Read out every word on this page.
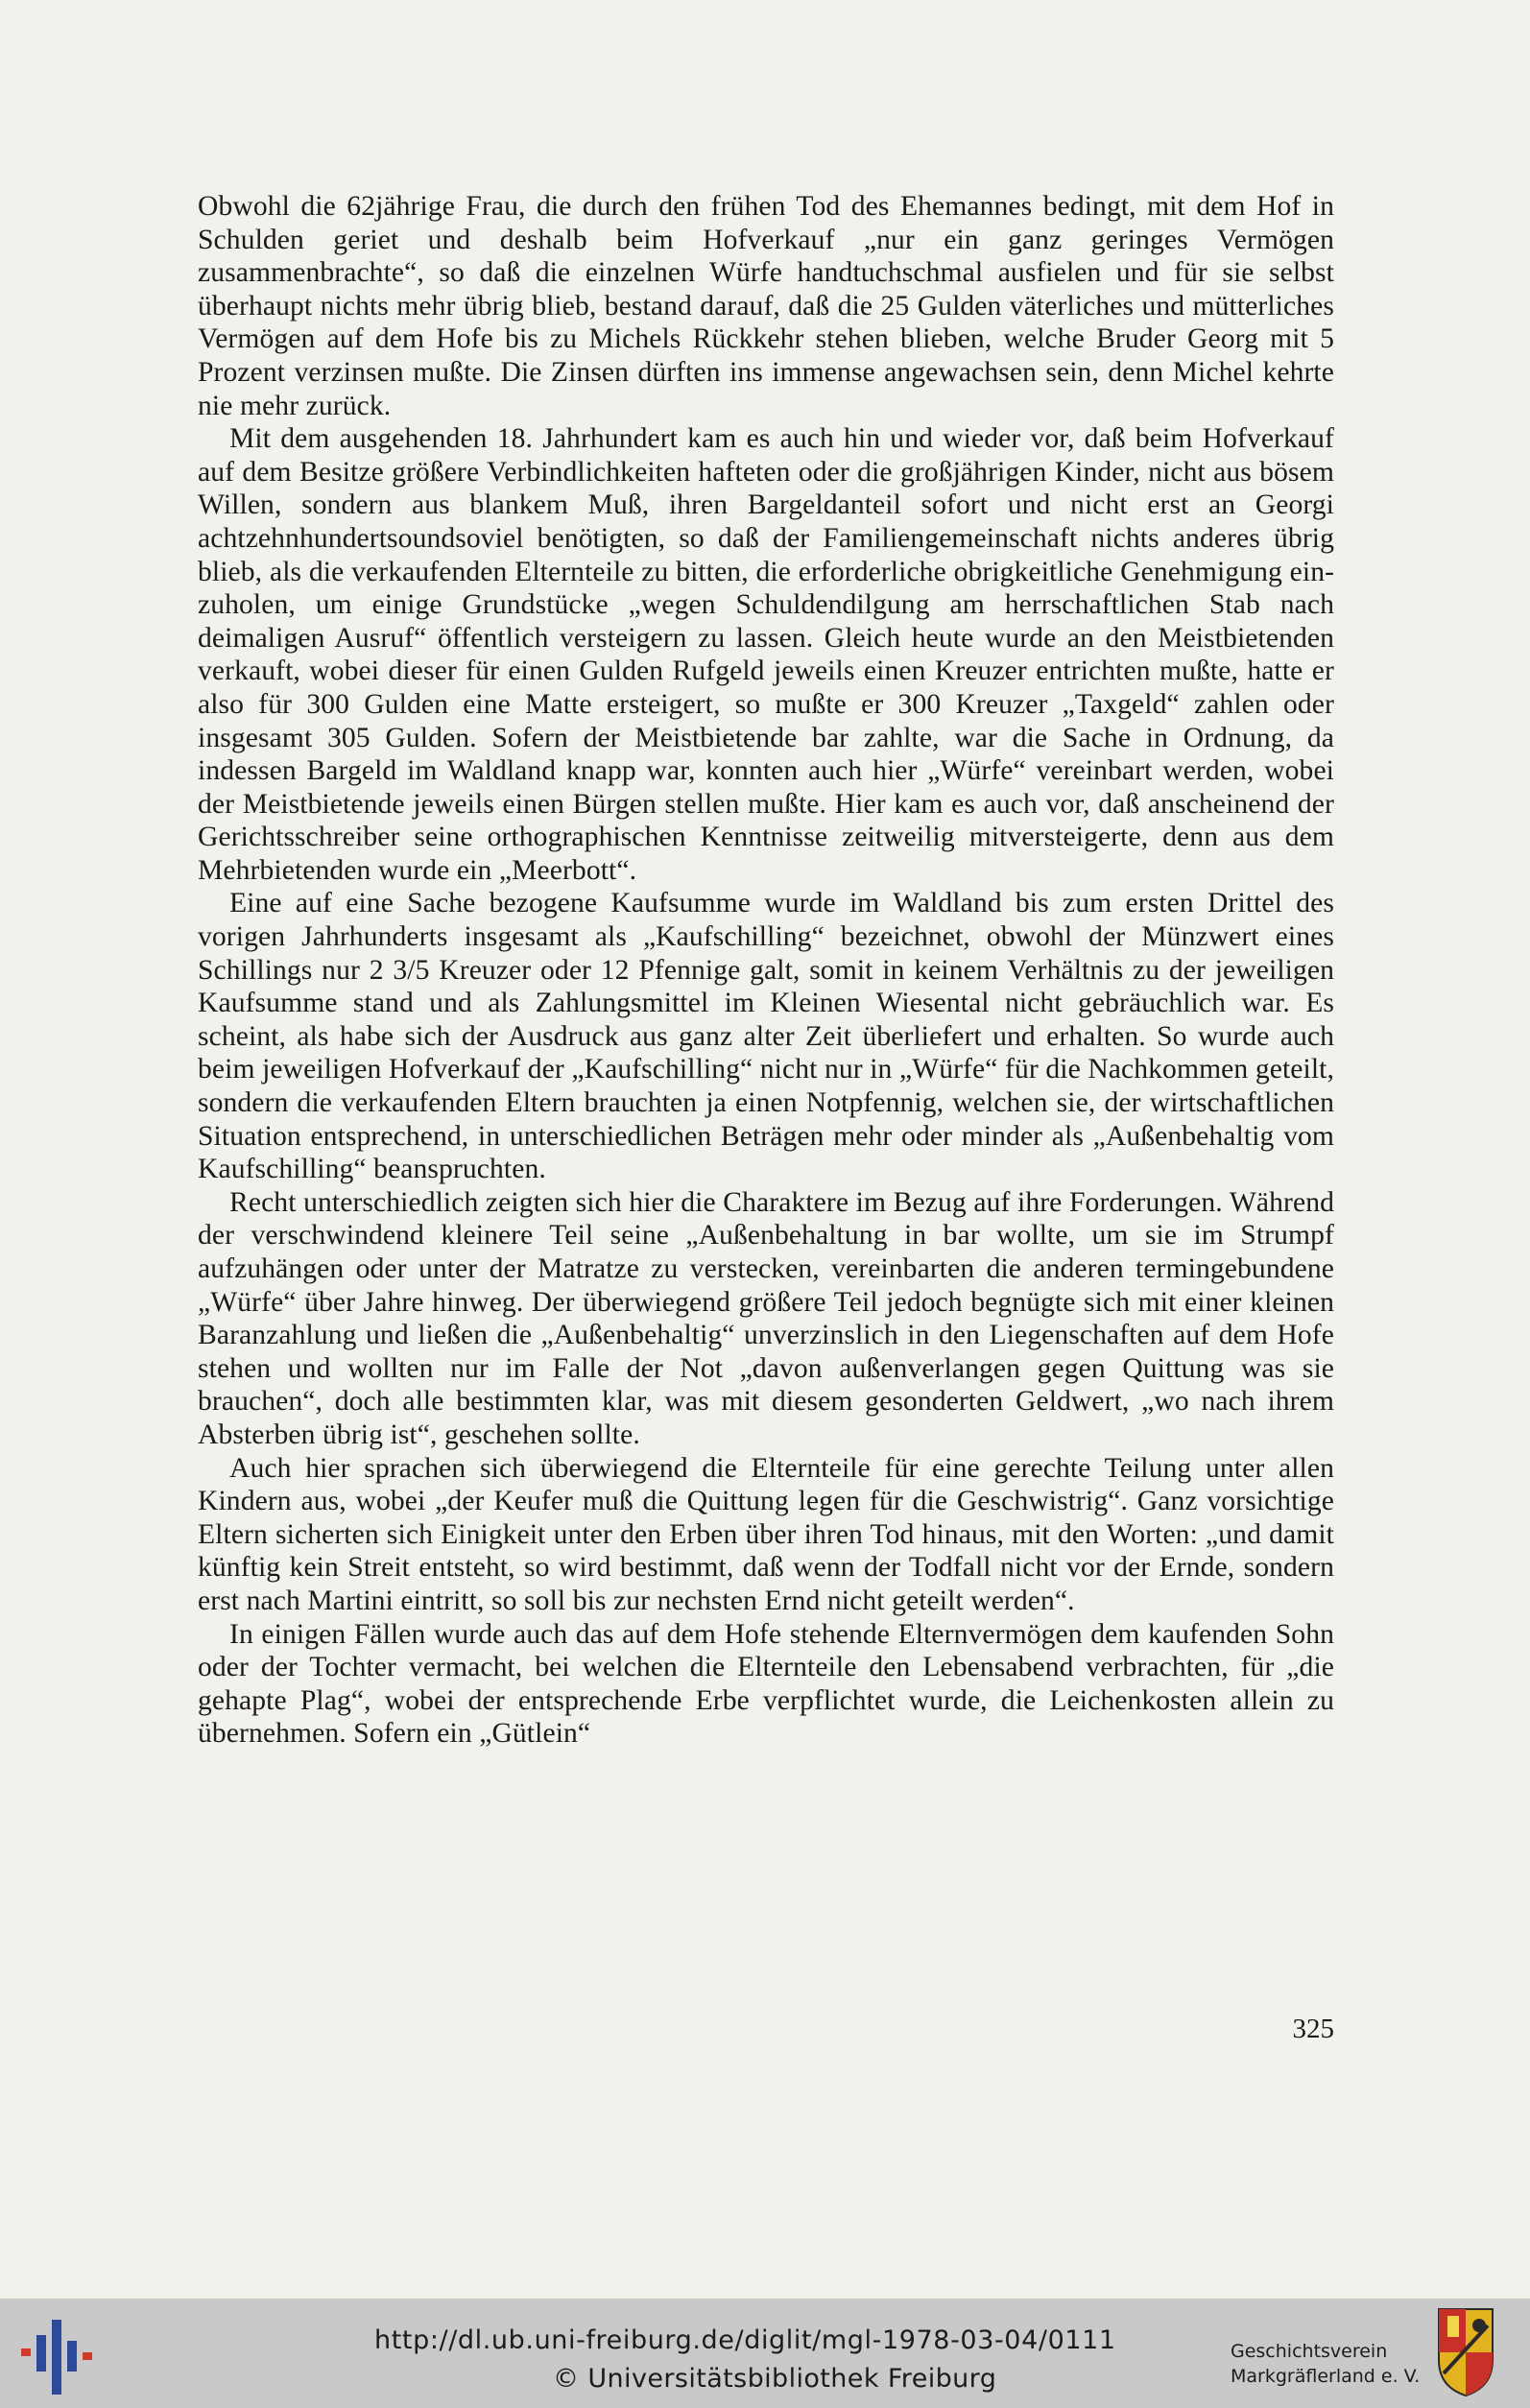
Obwohl die 62jährige Frau, die durch den frühen Tod des Ehemannes bedingt, mit dem Hof in Schulden geriet und deshalb beim Hofverkauf „nur ein ganz geringes Vermögen zusammenbrachte“, so daß die einzelnen Würfe handtuchschmal ausfielen und für sie selbst überhaupt nichts mehr übrig blieb, bestand darauf, daß die 25 Gulden väterliches und mütterliches Vermögen auf dem Hofe bis zu Michels Rückkehr stehen blieben, welche Bruder Georg mit 5 Prozent verzinsen mußte. Die Zinsen dürften ins immense angewachsen sein, denn Michel kehrte nie mehr zurück.

Mit dem ausgehenden 18. Jahrhundert kam es auch hin und wieder vor, daß beim Hofverkauf auf dem Besitze größere Verbindlichkeiten hafteten oder die großjährigen Kinder, nicht aus bösem Willen, sondern aus blankem Muß, ihren Bargeldanteil sofort und nicht erst an Georgi achtzehnhundertsoundsoviel benötigten, so daß der Familiengemeinschaft nichts anderes übrig blieb, als die verkaufenden Elternteile zu bitten, die erforderliche obrigkeitliche Genehmigung einzuholen, um einige Grundstücke „wegen Schuldendilgung am herrschaftlichen Stab nach deimaligen Ausruf“ öffentlich versteigern zu lassen. Gleich heute wurde an den Meistbietenden verkauft, wobei dieser für einen Gulden Rufgeld jeweils einen Kreuzer entrichten mußte, hatte er also für 300 Gulden eine Matte ersteigert, so mußte er 300 Kreuzer „Taxgeld“ zahlen oder insgesamt 305 Gulden. Sofern der Meistbietende bar zahlte, war die Sache in Ordnung, da indessen Bargeld im Waldland knapp war, konnten auch hier „Würfe“ vereinbart werden, wobei der Meistbietende jeweils einen Bürgen stellen mußte. Hier kam es auch vor, daß anscheinend der Gerichtsschreiber seine orthographischen Kenntnisse zeitweilig mitversteigerte, denn aus dem Mehrbietenden wurde ein „Meerbott“.

Eine auf eine Sache bezogene Kaufsumme wurde im Waldland bis zum ersten Drittel des vorigen Jahrhunderts insgesamt als „Kaufschilling“ bezeichnet, obwohl der Münzwert eines Schillings nur 2 3/5 Kreuzer oder 12 Pfennige galt, somit in keinem Verhältnis zu der jeweiligen Kaufsumme stand und als Zahlungsmittel im Kleinen Wiesental nicht gebräuchlich war. Es scheint, als habe sich der Ausdruck aus ganz alter Zeit überliefert und erhalten. So wurde auch beim jeweiligen Hofverkauf der „Kaufschilling“ nicht nur in „Würfe“ für die Nachkommen geteilt, sondern die verkaufenden Eltern brauchten ja einen Notpfennig, welchen sie, der wirtschaftlichen Situation entsprechend, in unterschiedlichen Beträgen mehr oder minder als „Außenbehaltig vom Kaufschilling“ beanspruchten.

Recht unterschiedlich zeigten sich hier die Charaktere im Bezug auf ihre Forderungen. Während der verschwindend kleinere Teil seine „Außenbehaltung in bar wollte, um sie im Strumpf aufzuhängen oder unter der Matratze zu verstecken, vereinbarten die anderen termingebundene „Würfe“ über Jahre hinweg. Der überwiegend größere Teil jedoch begnügte sich mit einer kleinen Baranzahlung und ließen die „Außenbehaltig“ unverzinslich in den Liegenschaften auf dem Hofe stehen und wollten nur im Falle der Not „davon außenverlangen gegen Quittung was sie brauchen“, doch alle bestimmten klar, was mit diesem gesonderten Geldwert, „wo nach ihrem Absterben übrig ist“, geschehen sollte.

Auch hier sprachen sich überwiegend die Elternteile für eine gerechte Teilung unter allen Kindern aus, wobei „der Keufer muß die Quittung legen für die Geschwistrig“. Ganz vorsichtige Eltern sicherten sich Einigkeit unter den Erben über ihren Tod hinaus, mit den Worten: „und damit künftig kein Streit entsteht, so wird bestimmt, daß wenn der Todfall nicht vor der Ernde, sondern erst nach Martini eintritt, so soll bis zur nechsten Ernd nicht geteilt werden“.

In einigen Fällen wurde auch das auf dem Hofe stehende Elternvermögen dem kaufenden Sohn oder der Tochter vermacht, bei welchen die Elternteile den Lebensabend verbrachten, für „die gehapte Plag“, wobei der entsprechende Erbe verpflichtet wurde, die Leichenkosten allein zu übernehmen. Sofern ein „Gütlein“

325
http://dl.ub.uni-freiburg.de/diglit/mgl-1978-03-04/0111
© Universitätsbibliothek Freiburg
Geschichtsverein
Markgräflerland e. V.
